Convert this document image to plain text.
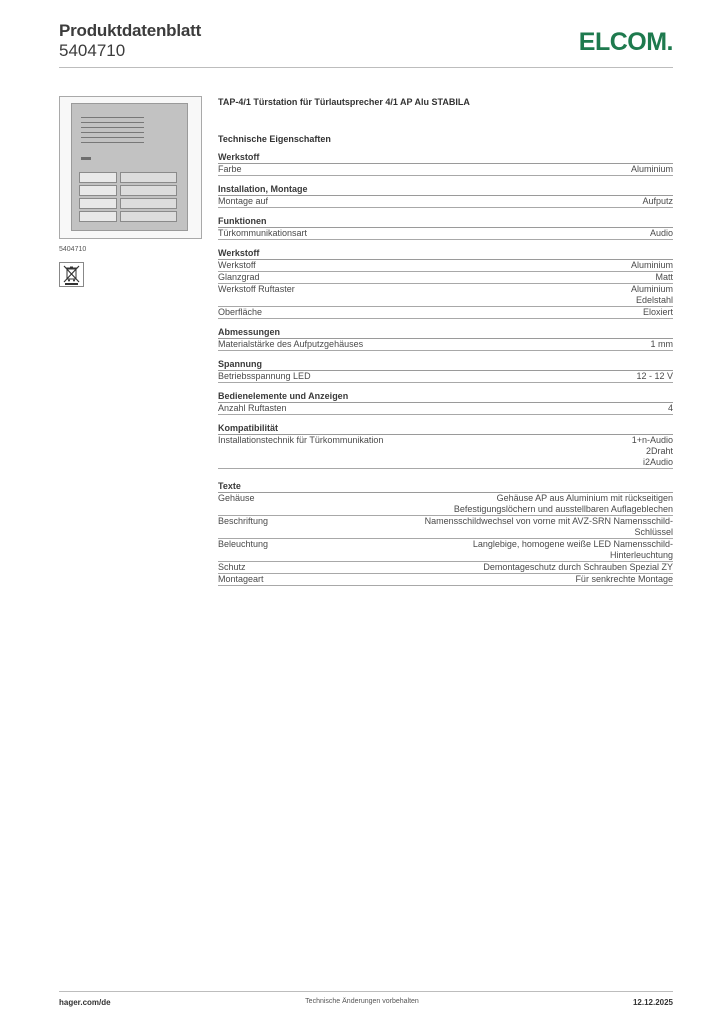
Produktdatenblatt
5404710	ELCOM.
5404710
TAP-4/1 Türstation für Türlautsprecher 4/1 AP Alu STABILA
Technische Eigenschaften
Werkstoff
Farbe	Aluminium
Installation, Montage
Montage auf	Aufputz
Funktionen
Türkommunikationsart	Audio
Werkstoff
Werkstoff	Aluminium
Glanzgrad	Matt
Werkstoff Ruftaster	Aluminium
Edelstahl
Oberfläche	Eloxiert
Abmessungen
Materialstärke des Aufputzgehäuses	1 mm
Spannung
Betriebsspannung LED	12 - 12 V
Bedienelemente und Anzeigen
Anzahl Ruftasten	4
Kompatibilität
Installationstechnik für Türkommunikation	1+n-Audio
2Draht
i2Audio
Texte
Gehäuse	Gehäuse AP aus Aluminium mit rückseitigen
Befestigungslöchern und ausstellbaren Auflageblechen
Beschriftung	Namensschildwechsel von vorne mit AVZ-SRN Namensschild-
Schlüssel
Beleuchtung	Langlebige, homogene weiße LED Namensschild-
Hinterleuchtung
Schutz	Demontageschutz durch Schrauben Spezial ZY
Montageart	Für senkrechte Montage
hager.com/de	Technische Änderungen vorbehalten	12.12.2025
